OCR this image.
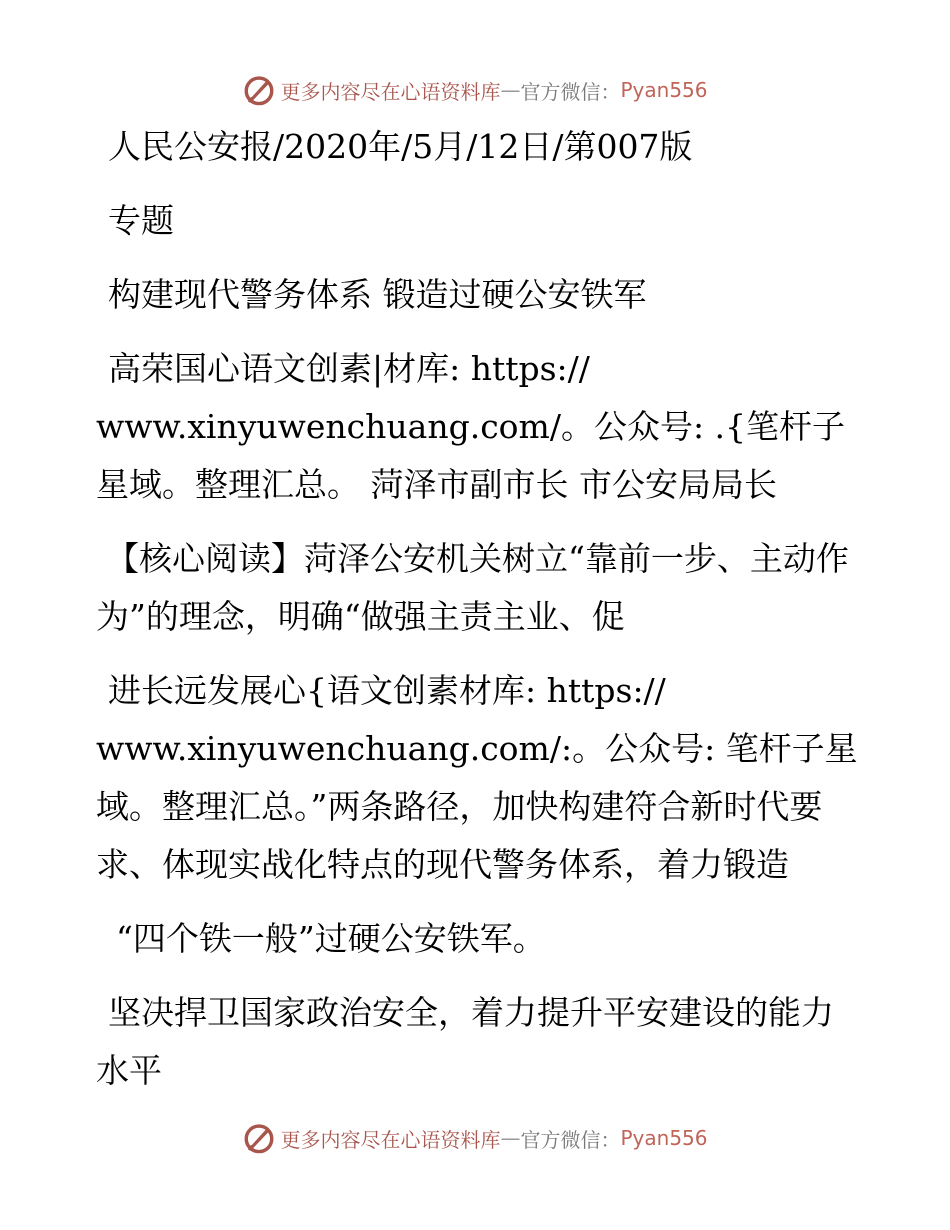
更多内容尽在心语资料库 — 官方微信： Pyan556

人民公安报/2020年/5月/12日/第007版

专题

构建现代警务体系 锻造过硬公安铁军

高荣国心语文创素|材库: https://
www.xinyuwenchuang.com/。公众号: .{笔杆子星域。整理汇总。 菏泽市副市长 市公安局局长

【核心阅读】菏泽公安机关树立“靠前一步、主动作为”的理念，明确“做强主责主业、促

进长远发展心{语文创素材库: https://
www.xinyuwenchuang.com/:。公众号: 笔杆子星域。整理汇总。”两条路径，加快构建符合新时代要求、体现实战化特点的现代警务体系，着力锻造

“四个铁一般”过硬公安铁军。

坚决捍卫国家政治安全，着力提升平安建设的能力水平

更多内容尽在心语资料库 — 官方微信： Pyan556
